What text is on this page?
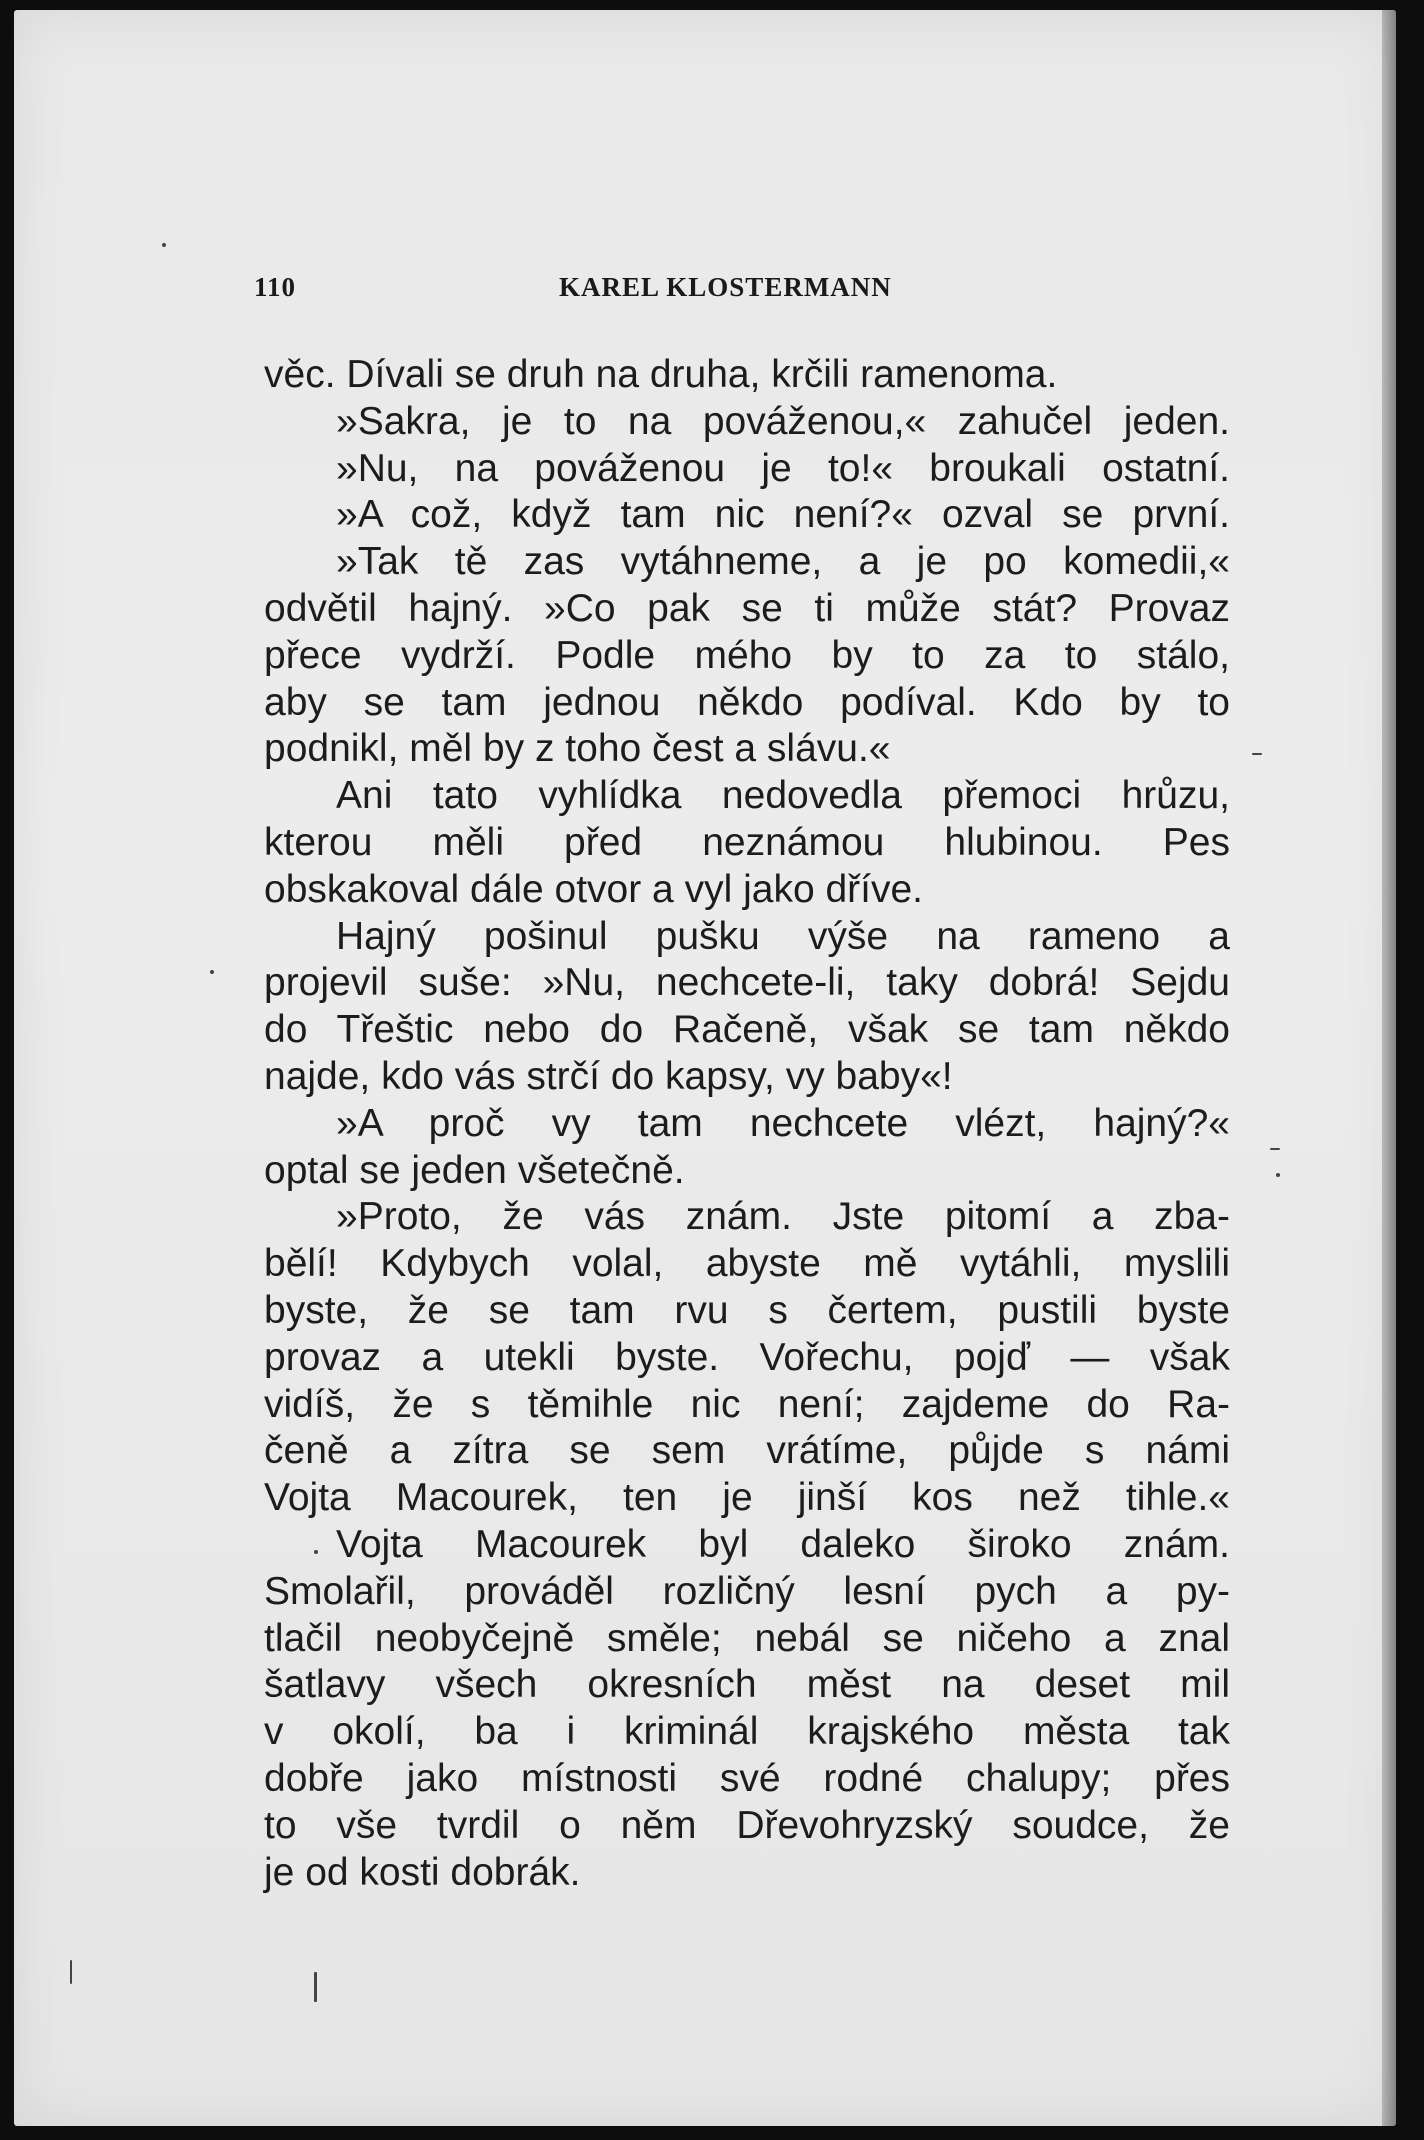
110	KAREL KLOSTERMANN
věc. Dívali se druh na druha, krčili ramenoma.
»Sakra, je to na pováženou,« zahučel jeden.
»Nu, na pováženou je to!« broukali ostatní.
»A což, když tam nic není?« ozval se první.
»Tak tě zas vytáhneme, a je po komedii,«
odvětil hajný. »Co pak se ti může stát? Provaz
přece vydrží. Podle mého by to za to stálo,
aby se tam jednou někdo podíval. Kdo by to
podnikl, měl by z toho čest a slávu.«
Ani tato vyhlídka nedovedla přemoci hrůzu,
kterou měli před neznámou hlubinou. Pes
obskakoval dále otvor a vyl jako dříve.
Hajný pošinul pušku výše na rameno a
projevil suše: »Nu, nechcete-li, taky dobrá! Sejdu
do Třeštic nebo do Račeně, však se tam někdo
najde, kdo vás strčí do kapsy, vy baby«!
»A proč vy tam nechcete vlézt, hajný?«
optal se jeden všetečně.
»Proto, že vás znám. Jste pitomí a zba-
bělí! Kdybych volal, abyste mě vytáhli, myslili
byste, že se tam rvu s čertem, pustili byste
provaz a utekli byste. Vořechu, pojď — však
vidíš, že s těmihle nic není; zajdeme do Ra-
čeně a zítra se sem vrátíme, půjde s námi
Vojta Macourek, ten je jinší kos než tihle.«
Vojta Macourek byl daleko široko znám.
Smolařil, prováděl rozličný lesní pych a py-
tlačil neobyčejně směle; nebál se ničeho a znal
šatlavy všech okresních měst na deset mil
v okolí, ba i kriminál krajského města tak
dobře jako místnosti své rodné chalupy; přes
to vše tvrdil o něm Dřevohryzský soudce, že
je od kosti dobrák.
